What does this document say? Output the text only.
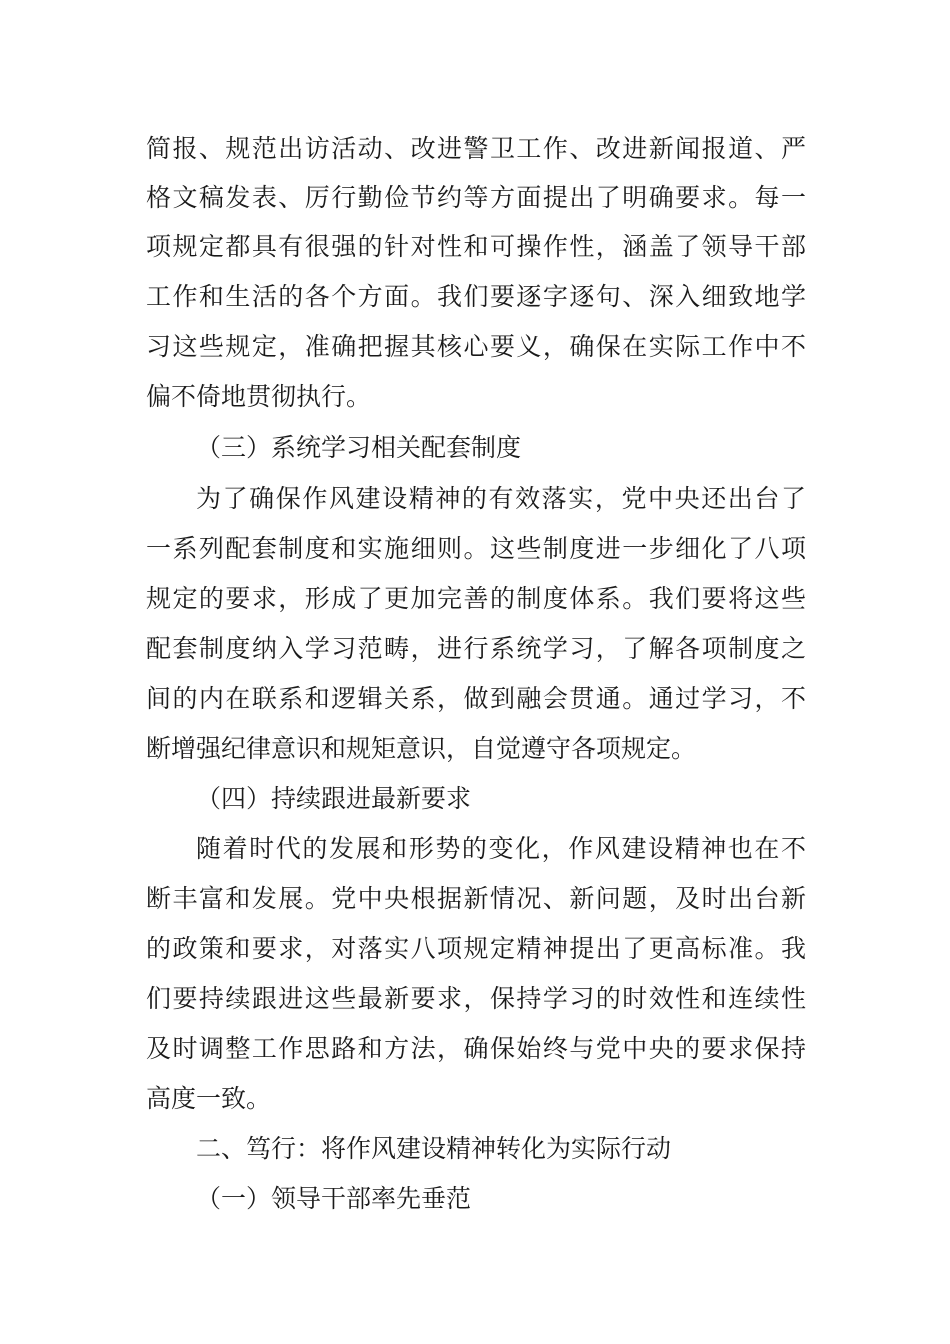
简报、规范出访活动、改进警卫工作、改进新闻报道、严
格文稿发表、厉行勤俭节约等方面提出了明确要求。每一
项规定都具有很强的针对性和可操作性，涵盖了领导干部
工作和生活的各个方面。我们要逐字逐句、深入细致地学
习这些规定，准确把握其核心要义，确保在实际工作中不
偏不倚地贯彻执行。
（三）系统学习相关配套制度
为了确保作风建设精神的有效落实，党中央还出台了
一系列配套制度和实施细则。这些制度进一步细化了八项
规定的要求，形成了更加完善的制度体系。我们要将这些
配套制度纳入学习范畴，进行系统学习，了解各项制度之
间的内在联系和逻辑关系，做到融会贯通。通过学习，不
断增强纪律意识和规矩意识，自觉遵守各项规定。
（四）持续跟进最新要求
随着时代的发展和形势的变化，作风建设精神也在不
断丰富和发展。党中央根据新情况、新问题，及时出台新
的政策和要求，对落实八项规定精神提出了更高标准。我
们要持续跟进这些最新要求，保持学习的时效性和连续性
及时调整工作思路和方法，确保始终与党中央的要求保持
高度一致。
二、笃行：将作风建设精神转化为实际行动
（一）领导干部率先垂范
